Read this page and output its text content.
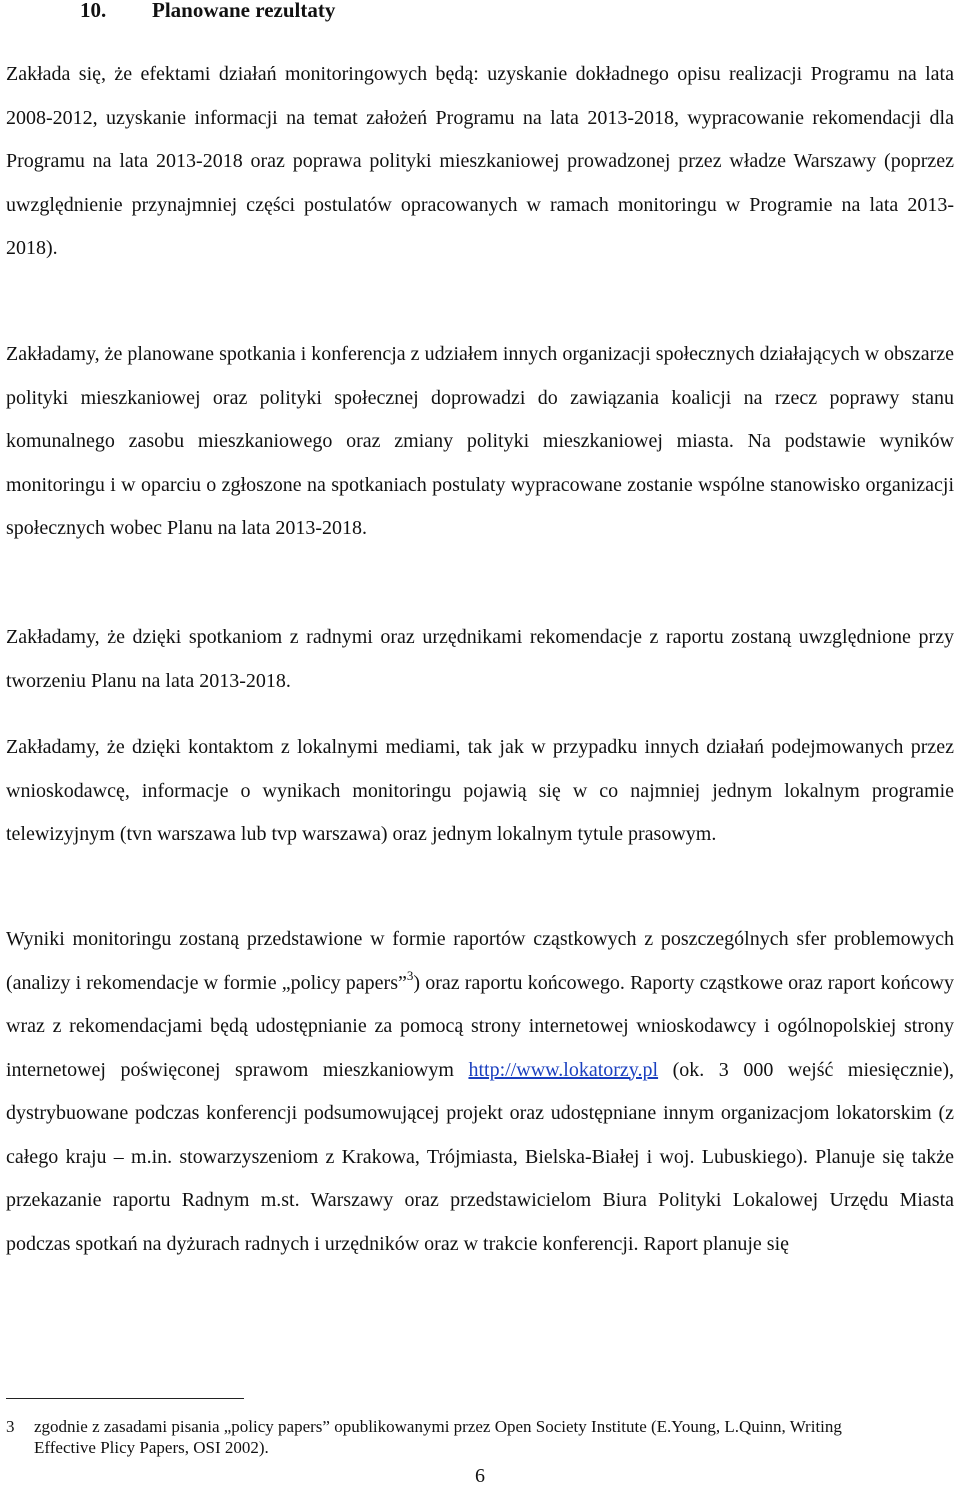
10. Planowane rezultaty

Zakłada się, że efektami działań monitoringowych będą: uzyskanie dokładnego opisu realizacji Programu na lata 2008-2012, uzyskanie informacji na temat założeń Programu na lata 2013-2018, wypracowanie rekomendacji dla Programu na lata 2013-2018 oraz poprawa polityki mieszkaniowej prowadzonej przez władze Warszawy (poprzez uwzględnienie przynajmniej części postulatów opracowanych w ramach monitoringu w Programie na lata 2013-2018).

Zakładamy, że planowane spotkania i konferencja z udziałem innych organizacji społecznych działających w obszarze polityki mieszkaniowej oraz polityki społecznej doprowadzi do zawiązania koalicji na rzecz poprawy stanu komunalnego zasobu mieszkaniowego oraz zmiany polityki mieszkaniowej miasta. Na podstawie wyników monitoringu i w oparciu o zgłoszone na spotkaniach postulaty wypracowane zostanie wspólne stanowisko organizacji społecznych wobec Planu na lata 2013-2018.

Zakładamy, że dzięki spotkaniom z radnymi oraz urzędnikami rekomendacje z raportu zostaną uwzględnione przy tworzeniu Planu na lata 2013-2018.

Zakładamy, że dzięki kontaktom z lokalnymi mediami, tak jak w przypadku innych działań podejmowanych przez wnioskodawcę, informacje o wynikach monitoringu pojawią się w co najmniej jednym lokalnym programie telewizyjnym (tvn warszawa lub tvp warszawa) oraz jednym lokalnym tytule prasowym.

Wyniki monitoringu zostaną przedstawione w formie raportów cząstkowych z poszczególnych sfer problemowych (analizy i rekomendacje w formie „policy papers”$^3$) oraz raportu końcowego. Raporty cząstkowe oraz raport końcowy wraz z rekomendacjami będą udostępnianie za pomocą strony internetowej wnioskodawcy i ogólnopolskiej strony internetowej poświęconej sprawom mieszkaniowym http://www.lokatorzy.pl (ok. 3 000 wejść miesięcznie), dystrybuowane podczas konferencji podsumowującej projekt oraz udostępniane innym organizacjom lokatorskim (z całego kraju – m.in. stowarzyszeniom z Krakowa, Trójmiasta, Bielska-Białej i woj. Lubuskiego). Planuje się także przekazanie raportu Radnym m.st. Warszawy oraz przedstawicielom Biura Polityki Lokalowej Urzędu Miasta podczas spotkań na dyżurach radnych i urzędników oraz w trakcie konferencji. Raport planuje się

3	zgodnie z zasadami pisania „policy papers” opublikowanymi przez Open Society Institute (E.Young, L.Quinn, Writing Effective Plicy Papers, OSI 2002).
6
